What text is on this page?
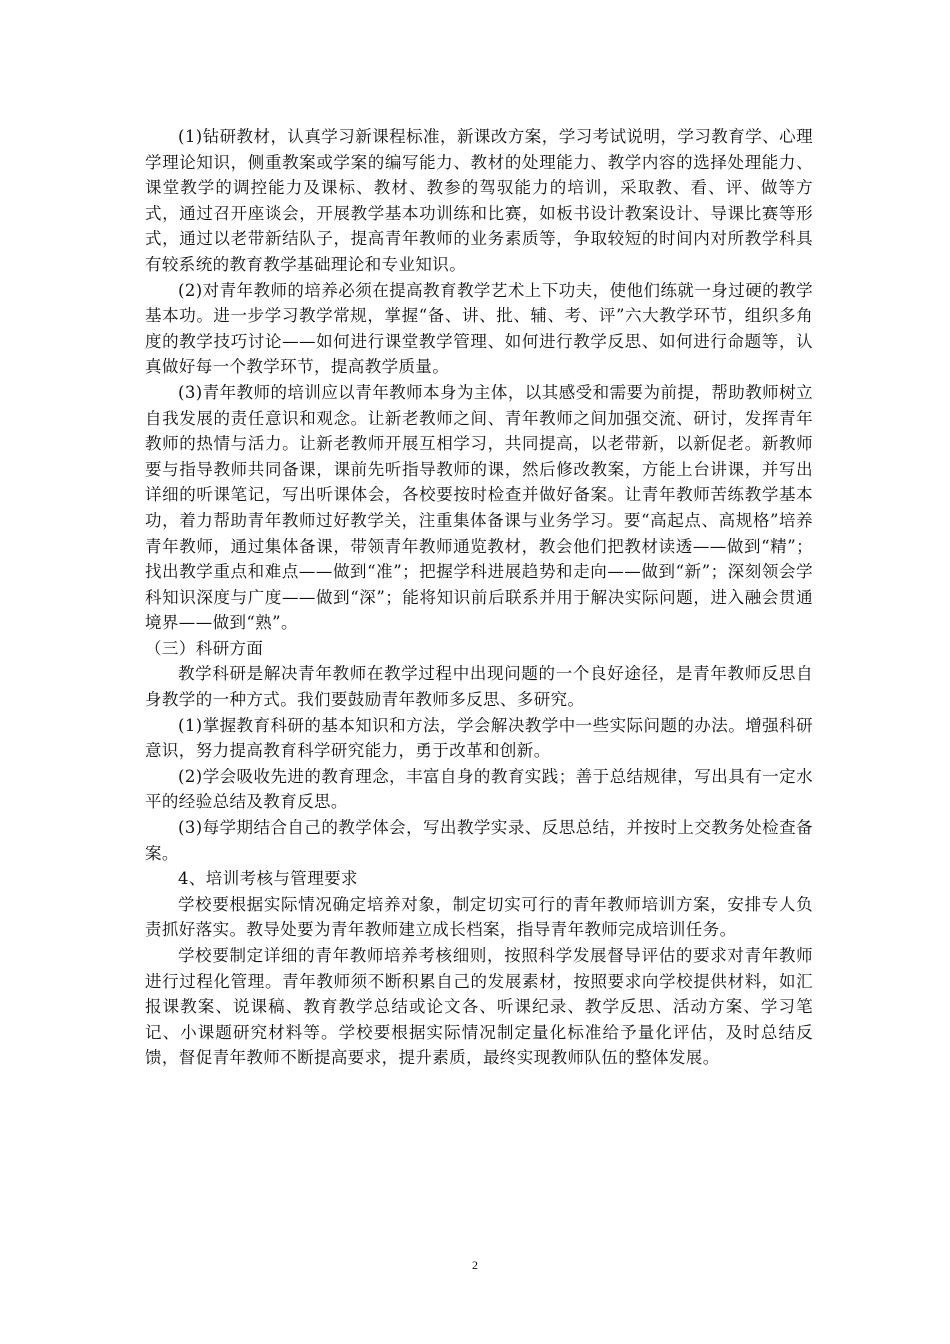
(1)钻研教材，认真学习新课程标准，新课改方案，学习考试说明，学习教育学、心理学理论知识，侧重教案或学案的编写能力、教材的处理能力、教学内容的选择处理能力、课堂教学的调控能力及课标、教材、教参的驾驭能力的培训，采取教、看、评、做等方式，通过召开座谈会，开展教学基本功训练和比赛，如板书设计教案设计、导课比赛等形式，通过以老带新结队子，提高青年教师的业务素质等，争取较短的时间内对所教学科具有较系统的教育教学基础理论和专业知识。

(2)对青年教师的培养必须在提高教育教学艺术上下功夫，使他们练就一身过硬的教学基本功。进一步学习教学常规，掌握“备、讲、批、辅、考、评”六大教学环节，组织多角度的教学技巧讨论——如何进行课堂教学管理、如何进行教学反思、如何进行命题等，认真做好每一个教学环节，提高教学质量。

(3)青年教师的培训应以青年教师本身为主体，以其感受和需要为前提，帮助教师树立自我发展的责任意识和观念。让新老教师之间、青年教师之间加强交流、研讨，发挥青年教师的热情与活力。让新老教师开展互相学习，共同提高，以老带新，以新促老。新教师要与指导教师共同备课，课前先听指导教师的课，然后修改教案，方能上台讲课，并写出详细的听课笔记，写出听课体会，各校要按时检查并做好备案。让青年教师苦练教学基本功，着力帮助青年教师过好教学关，注重集体备课与业务学习。要“高起点、高规格”培养青年教师，通过集体备课，带领青年教师通览教材，教会他们把教材读透——做到“精”；找出教学重点和难点——做到“准”；把握学科进展趋势和走向——做到“新”；深刻领会学科知识深度与广度——做到“深”；能将知识前后联系并用于解决实际问题，进入融会贯通境界——做到“熟”。

（三）科研方面

教学科研是解决青年教师在教学过程中出现问题的一个良好途径，是青年教师反思自身教学的一种方式。我们要鼓励青年教师多反思、多研究。

(1)掌握教育科研的基本知识和方法，学会解决教学中一些实际问题的办法。增强科研意识，努力提高教育科学研究能力，勇于改革和创新。

(2)学会吸收先进的教育理念，丰富自身的教育实践；善于总结规律，写出具有一定水平的经验总结及教育反思。

(3)每学期结合自己的教学体会，写出教学实录、反思总结，并按时上交教务处检查备案。

4、培训考核与管理要求

学校要根据实际情况确定培养对象，制定切实可行的青年教师培训方案，安排专人负责抓好落实。教导处要为青年教师建立成长档案，指导青年教师完成培训任务。

学校要制定详细的青年教师培养考核细则，按照科学发展督导评估的要求对青年教师进行过程化管理。青年教师须不断积累自己的发展素材，按照要求向学校提供材料，如汇报课教案、说课稿、教育教学总结或论文各、听课纪录、教学反思、活动方案、学习笔记、小课题研究材料等。学校要根据实际情况制定量化标准给予量化评估，及时总结反馈，督促青年教师不断提高要求，提升素质，最终实现教师队伍的整体发展。

2
